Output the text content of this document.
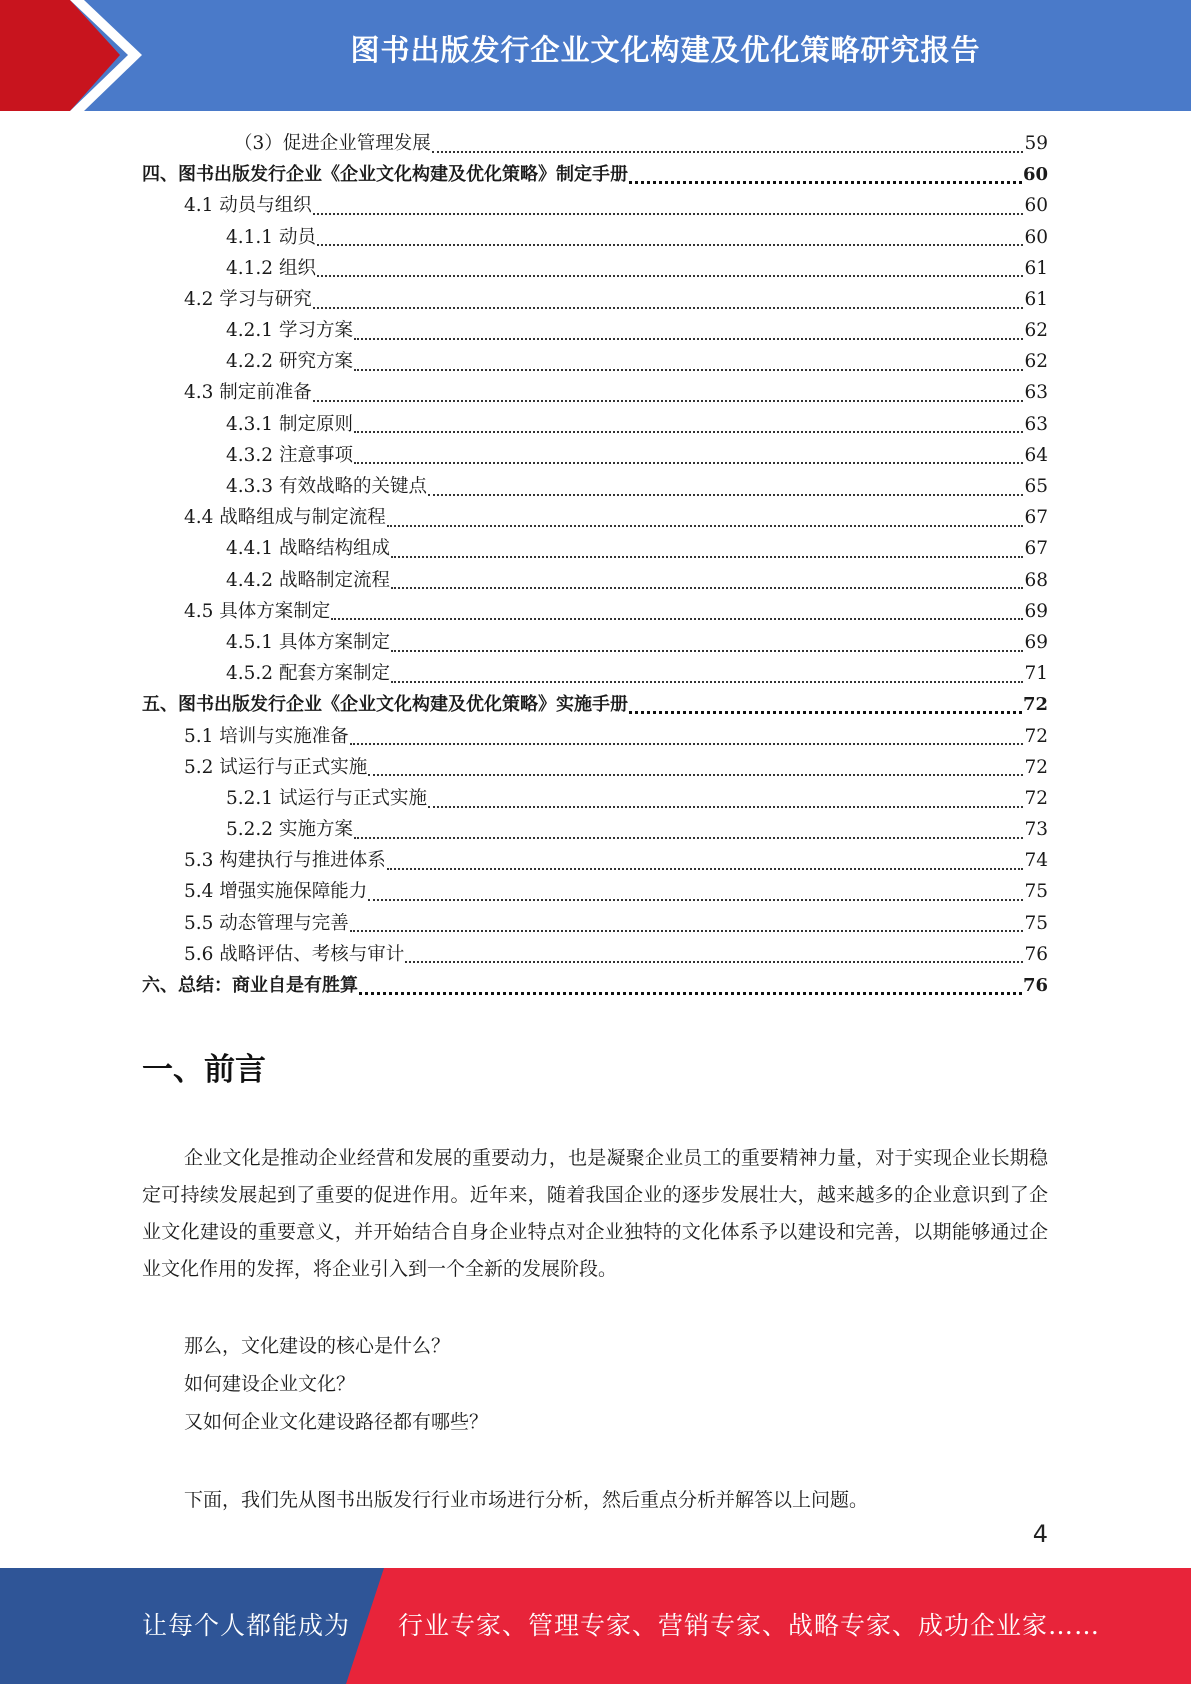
图书出版发行企业文化构建及优化策略研究报告
（3）促进企业管理发展	59
四、图书出版发行企业《企业文化构建及优化策略》制定手册	60
4.1 动员与组织	60
4.1.1 动员	60
4.1.2 组织	61
4.2 学习与研究	61
4.2.1 学习方案	62
4.2.2 研究方案	62
4.3 制定前准备	63
4.3.1 制定原则	63
4.3.2 注意事项	64
4.3.3 有效战略的关键点	65
4.4 战略组成与制定流程	67
4.4.1 战略结构组成	67
4.4.2 战略制定流程	68
4.5 具体方案制定	69
4.5.1 具体方案制定	69
4.5.2 配套方案制定	71
五、图书出版发行企业《企业文化构建及优化策略》实施手册	72
5.1 培训与实施准备	72
5.2 试运行与正式实施	72
5.2.1 试运行与正式实施	72
5.2.2 实施方案	73
5.3 构建执行与推进体系	74
5.4 增强实施保障能力	75
5.5 动态管理与完善	75
5.6 战略评估、考核与审计	76
六、总结：商业自是有胜算	76
一、前言

企业文化是推动企业经营和发展的重要动力，也是凝聚企业员工的重要精神力量，对于实现企业长期稳定可持续发展起到了重要的促进作用。近年来，随着我国企业的逐步发展壮大，越来越多的企业意识到了企业文化建设的重要意义，并开始结合自身企业特点对企业独特的文化体系予以建设和完善，以期能够通过企业文化作用的发挥，将企业引入到一个全新的发展阶段。

那么，文化建设的核心是什么？

如何建设企业文化？

又如何企业文化建设路径都有哪些？

下面，我们先从图书出版发行行业市场进行分析，然后重点分析并解答以上问题。

4
让每个人都能成为 行业专家、管理专家、营销专家、战略专家、成功企业家……
